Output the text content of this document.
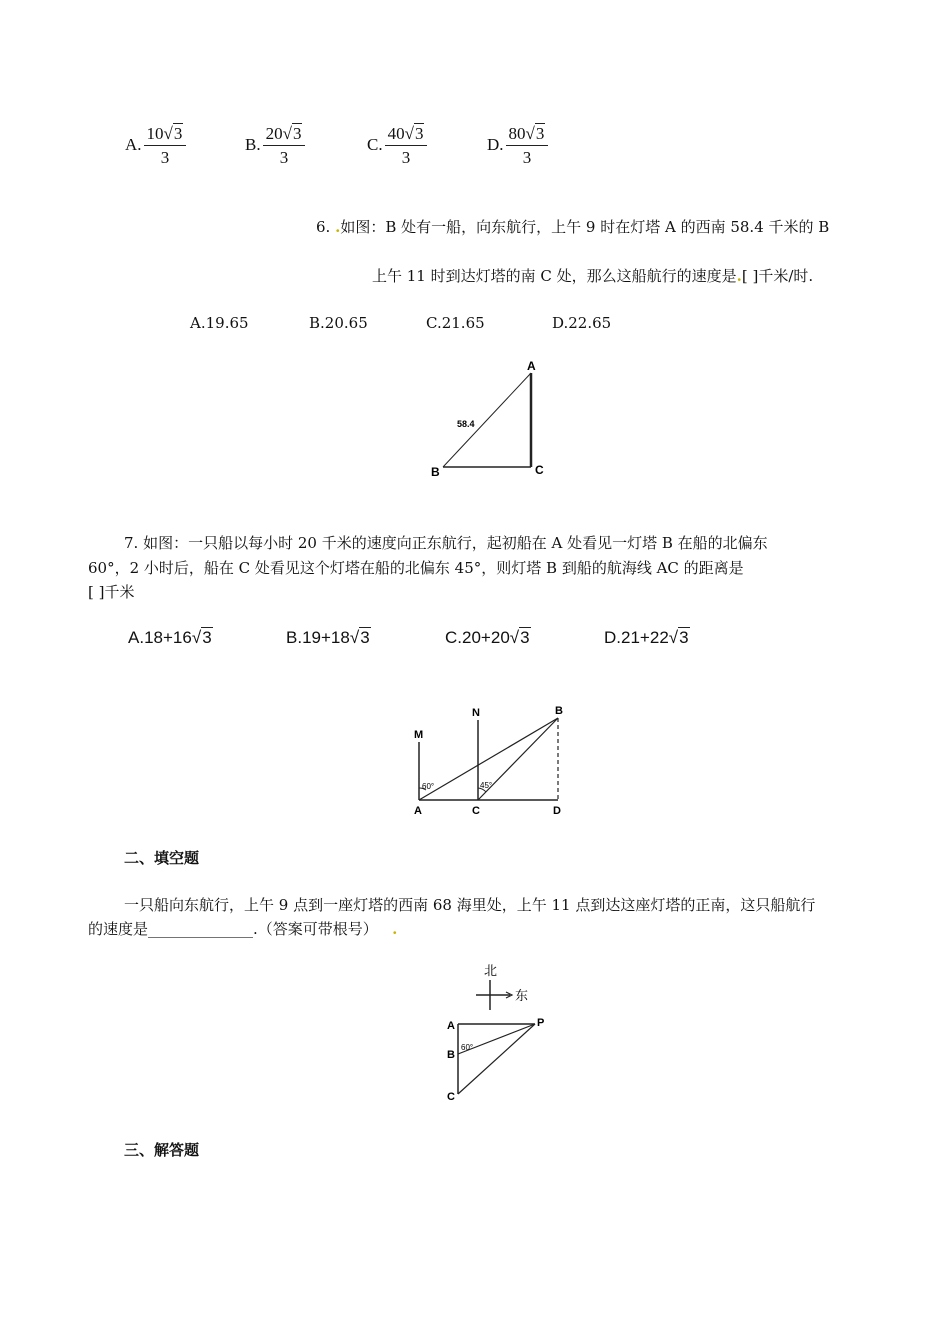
A. $\frac{10√3}{3}$	B. $\frac{20√3}{3}$	C. $\frac{40√3}{3}$	D. $\frac{80√3}{3}$
6. .如图：B 处有一船，向东航行，上午 9 时在灯塔 A 的西南 58.4 千米的 B
上午 11 时到达灯塔的南 C 处，那么这船航行的速度是.[ ]千米/时.
A.19.65	B.20.65	C.21.65	D.22.65
A
B	C
58.4
7. 如图：一只船以每小时 20 千米的速度向正东航行，起初船在 A 处看见一灯塔 B 在船的北偏东
60°，2 小时后，船在 C 处看见这个灯塔在船的北偏东 45°，则灯塔 B 到船的航海线 AC 的距离是
[ ]千米
A.18+16√3	B.19+18√3	C.20+20√3	D.21+22√3
M
N	B
A	C	D
60°	45°
二、填空题
一只船向东航行，上午 9 点到一座灯塔的西南 68 海里处，上午 11 点到达这座灯塔的正南，这只船航行
的速度是______________.（答案可带根号） .
北
东
A
B
C
P
60°
三、解答题
